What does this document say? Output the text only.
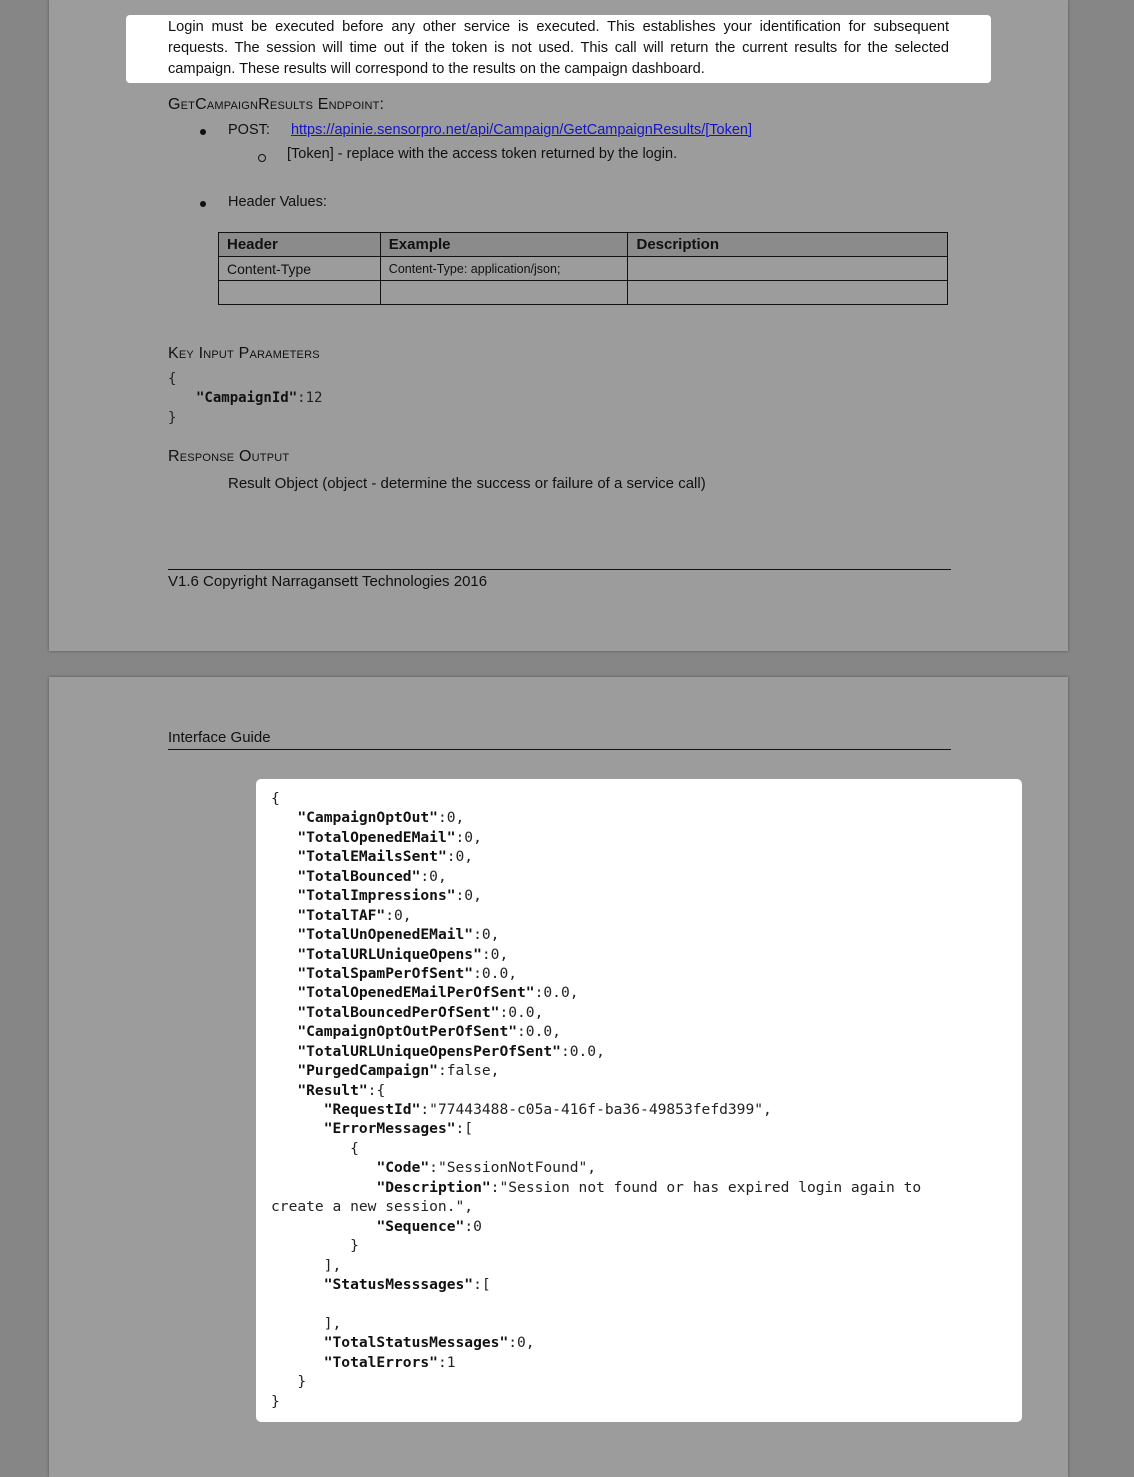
Login must be executed before any other service is executed. This establishes your identification for subsequent requests. The session will time out if the token is not used. This call will return the current results for the selected campaign. These results will correspond to the results on the campaign dashboard.

GetCampaignResults Endpoint:
POST: https://apinie.sensorpro.net/api/Campaign/GetCampaignResults/[Token]
[Token] - replace with the access token returned by the login.
Header Values:
Header	Example	Description
Content-Type	Content-Type: application/json;	

Key Input Parameters
{
"CampaignId":12
}
Response Output
Result Object (object - determine the success or failure of a service call)
V1.6 Copyright Narragansett Technologies 2016
Interface Guide
{
"CampaignOptOut":0,
"TotalOpenedEMail":0,
"TotalEMailsSent":0,
"TotalBounced":0,
"TotalImpressions":0,
"TotalTAF":0,
"TotalUnOpenedEMail":0,
"TotalURLUniqueOpens":0,
"TotalSpamPerOfSent":0.0,
"TotalOpenedEMailPerOfSent":0.0,
"TotalBouncedPerOfSent":0.0,
"CampaignOptOutPerOfSent":0.0,
"TotalURLUniqueOpensPerOfSent":0.0,
"PurgedCampaign":false,
"Result":{
"RequestId":"77443488-c05a-416f-ba36-49853fefd399",
"ErrorMessages":[
{
"Code":"SessionNotFound",
"Description":"Session not found or has expired login again to
create a new session.",
"Sequence":0
}
],
"StatusMesssages":[
],
"TotalStatusMessages":0,
"TotalErrors":1
}
}
